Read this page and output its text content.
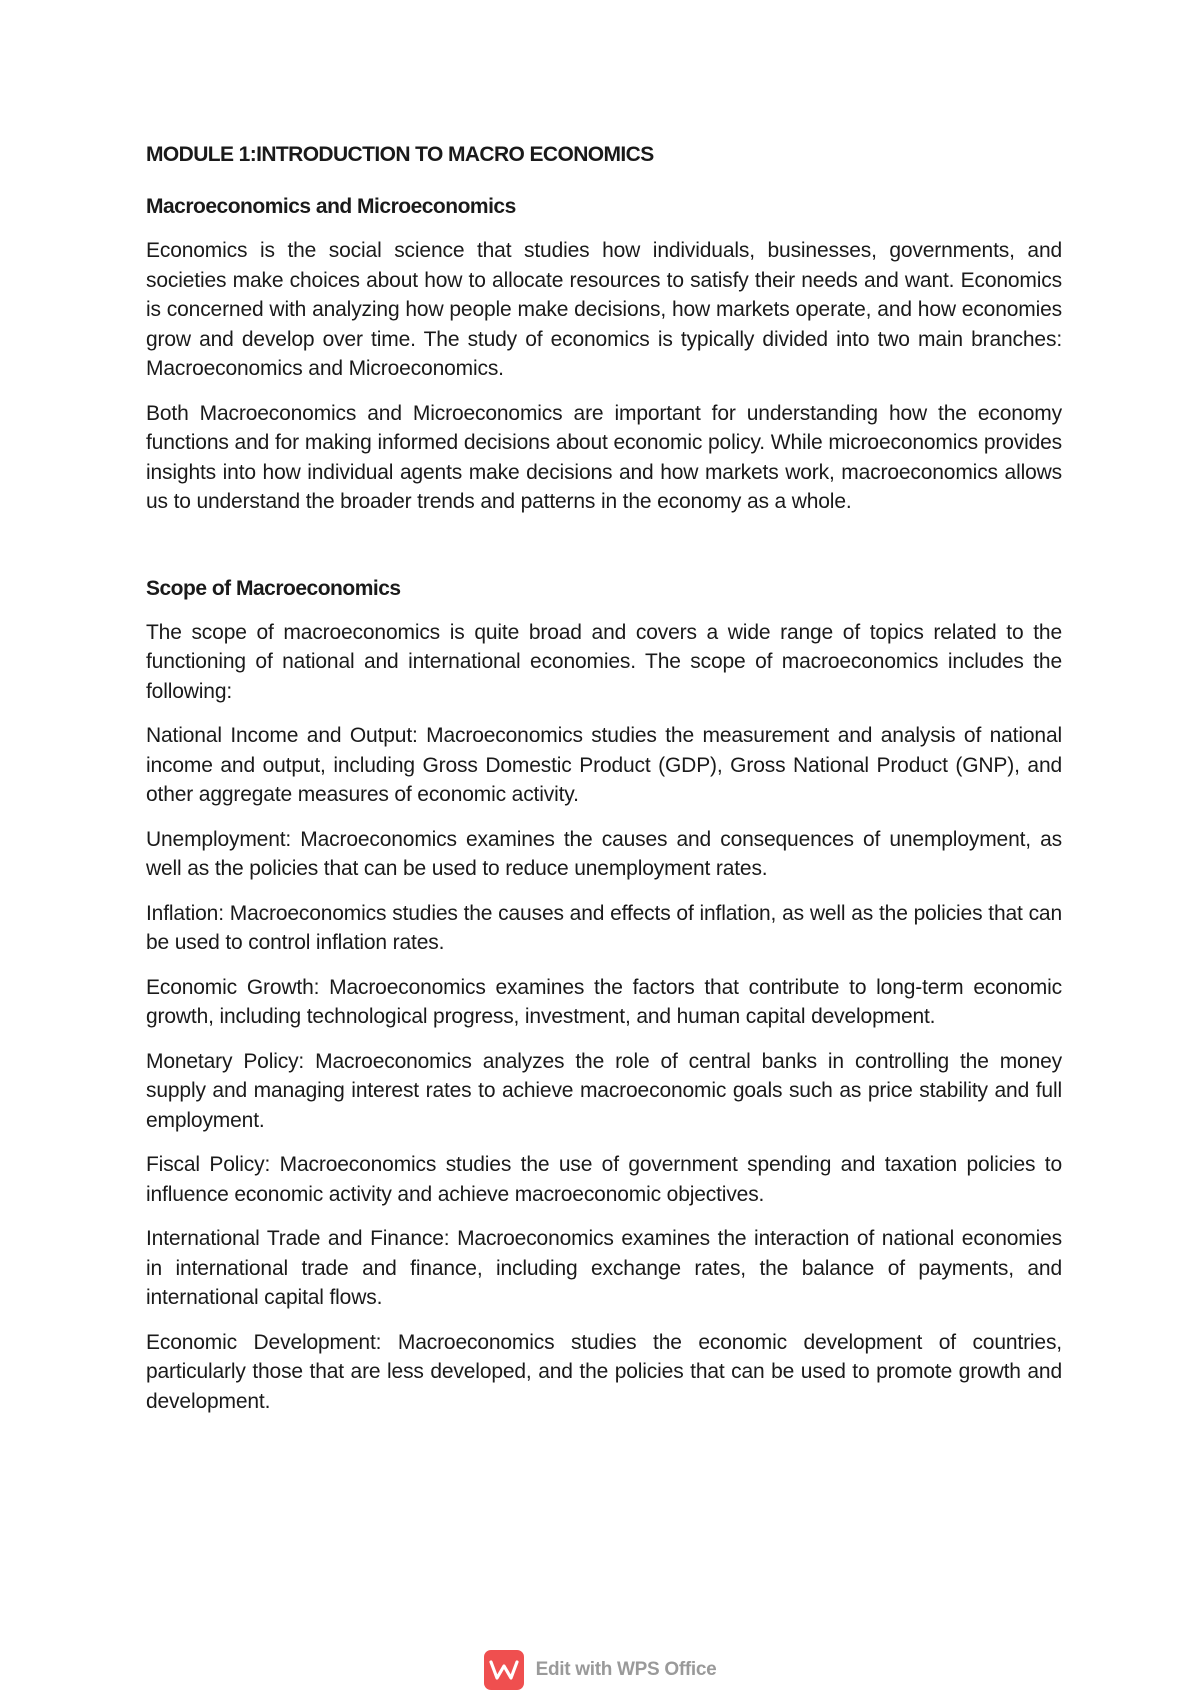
MODULE 1:INTRODUCTION TO MACRO ECONOMICS
Macroeconomics and Microeconomics

Economics is the social science that studies how individuals, businesses, governments, and societies make choices about how to allocate resources to satisfy their needs and want. Economics is concerned with analyzing how people make decisions, how markets operate, and how economies grow and develop over time. The study of economics is typically divided into two main branches: Macroeconomics and Microeconomics.

Both Macroeconomics and Microeconomics are important for understanding how the economy functions and for making informed decisions about economic policy. While microeconomics provides insights into how individual agents make decisions and how markets work, macroeconomics allows us to understand the broader trends and patterns in the economy as a whole.

Scope of Macroeconomics

The scope of macroeconomics is quite broad and covers a wide range of topics related to the functioning of national and international economies. The scope of macroeconomics includes the following:

National Income and Output: Macroeconomics studies the measurement and analysis of national income and output, including Gross Domestic Product (GDP), Gross National Product (GNP), and other aggregate measures of economic activity.

Unemployment: Macroeconomics examines the causes and consequences of unemployment, as well as the policies that can be used to reduce unemployment rates.

Inflation: Macroeconomics studies the causes and effects of inflation, as well as the policies that can be used to control inflation rates.

Economic Growth: Macroeconomics examines the factors that contribute to long-term economic growth, including technological progress, investment, and human capital development.

Monetary Policy: Macroeconomics analyzes the role of central banks in controlling the money supply and managing interest rates to achieve macroeconomic goals such as price stability and full employment.

Fiscal Policy: Macroeconomics studies the use of government spending and taxation policies to influence economic activity and achieve macroeconomic objectives.

International Trade and Finance: Macroeconomics examines the interaction of national economies in international trade and finance, including exchange rates, the balance of payments, and international capital flows.

Economic Development: Macroeconomics studies the economic development of countries, particularly those that are less developed, and the policies that can be used to promote growth and development.

Edit with WPS Office
